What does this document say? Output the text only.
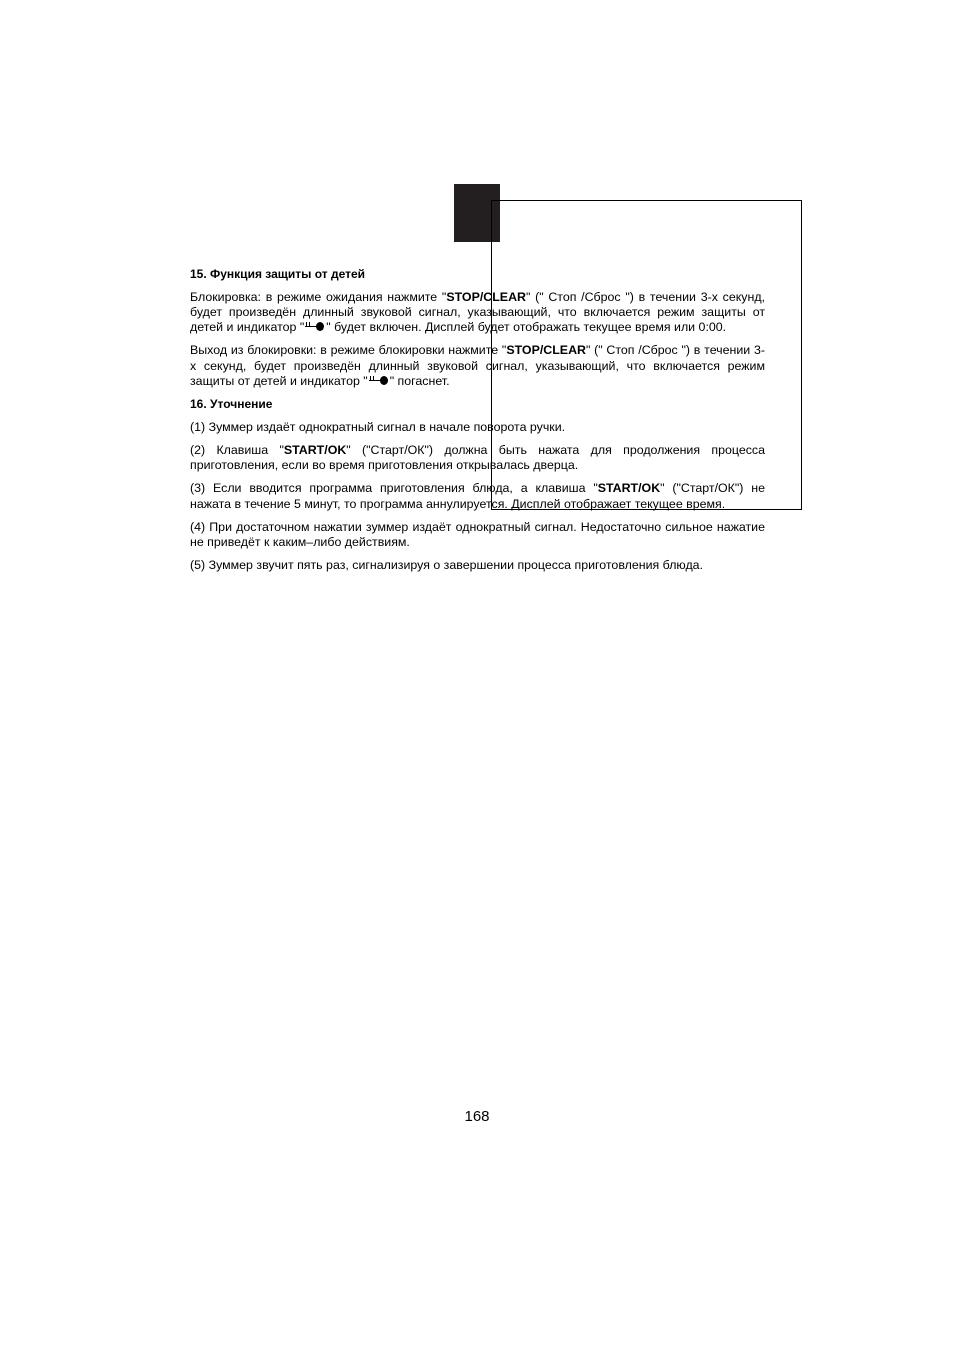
15. Функция защиты от детей

Блокировка: в режиме ожидания нажмите "STOP/CLEAR" (" Стоп /Сброс ") в течении 3-х секунд, будет произведён длинный звуковой сигнал, указывающий, что включается режим защиты от детей и индикатор " " будет включен. Дисплей будет отображать текущее время или 0:00.

Выход из блокировки: в режиме блокировки нажмите "STOP/CLEAR" (" Стоп /Сброс ") в течении 3-х секунд, будет произведён длинный звуковой сигнал, указывающий, что включается режим защиты от детей и индикатор " " погаснет.

16. Уточнение

(1) Зуммер издаёт однократный сигнал в начале поворота ручки.

(2) Клавиша "START/OK" ("Старт/ОК") должна быть нажата для продолжения процесса приготовления, если во время приготовления открывалась дверца.

(3) Если вводится программа приготовления блюда, а клавиша "START/OK" ("Старт/ОК") не нажата в течение 5 минут, то программа аннулируется. Дисплей отображает текущее время.

(4) При достаточном нажатии зуммер издаёт однократный сигнал. Недостаточно сильное нажатие не приведёт к каким–либо действиям.

(5) Зуммер звучит пять раз, сигнализируя о завершении процесса приготовления блюда.

168
